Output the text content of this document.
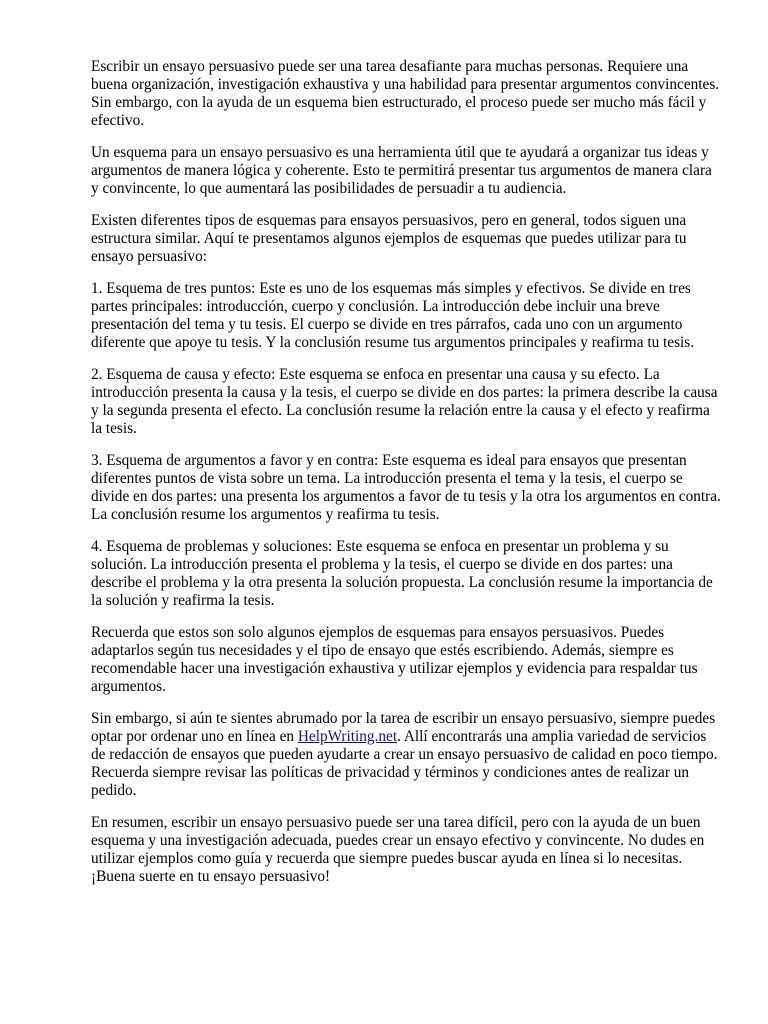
Escribir un ensayo persuasivo puede ser una tarea desafiante para muchas personas. Requiere una buena organización, investigación exhaustiva y una habilidad para presentar argumentos convincentes. Sin embargo, con la ayuda de un esquema bien estructurado, el proceso puede ser mucho más fácil y efectivo.

Un esquema para un ensayo persuasivo es una herramienta útil que te ayudará a organizar tus ideas y argumentos de manera lógica y coherente. Esto te permitirá presentar tus argumentos de manera clara y convincente, lo que aumentará las posibilidades de persuadir a tu audiencia.

Existen diferentes tipos de esquemas para ensayos persuasivos, pero en general, todos siguen una estructura similar. Aquí te presentamos algunos ejemplos de esquemas que puedes utilizar para tu ensayo persuasivo:

1. Esquema de tres puntos: Este es uno de los esquemas más simples y efectivos. Se divide en tres partes principales: introducción, cuerpo y conclusión. La introducción debe incluir una breve presentación del tema y tu tesis. El cuerpo se divide en tres párrafos, cada uno con un argumento diferente que apoye tu tesis. Y la conclusión resume tus argumentos principales y reafirma tu tesis.

2. Esquema de causa y efecto: Este esquema se enfoca en presentar una causa y su efecto. La introducción presenta la causa y la tesis, el cuerpo se divide en dos partes: la primera describe la causa y la segunda presenta el efecto. La conclusión resume la relación entre la causa y el efecto y reafirma la tesis.

3. Esquema de argumentos a favor y en contra: Este esquema es ideal para ensayos que presentan diferentes puntos de vista sobre un tema. La introducción presenta el tema y la tesis, el cuerpo se divide en dos partes: una presenta los argumentos a favor de tu tesis y la otra los argumentos en contra. La conclusión resume los argumentos y reafirma tu tesis.

4. Esquema de problemas y soluciones: Este esquema se enfoca en presentar un problema y su solución. La introducción presenta el problema y la tesis, el cuerpo se divide en dos partes: una describe el problema y la otra presenta la solución propuesta. La conclusión resume la importancia de la solución y reafirma la tesis.

Recuerda que estos son solo algunos ejemplos de esquemas para ensayos persuasivos. Puedes adaptarlos según tus necesidades y el tipo de ensayo que estés escribiendo. Además, siempre es recomendable hacer una investigación exhaustiva y utilizar ejemplos y evidencia para respaldar tus argumentos.

Sin embargo, si aún te sientes abrumado por la tarea de escribir un ensayo persuasivo, siempre puedes optar por ordenar uno en línea en HelpWriting.net. Allí encontrarás una amplia variedad de servicios de redacción de ensayos que pueden ayudarte a crear un ensayo persuasivo de calidad en poco tiempo. Recuerda siempre revisar las políticas de privacidad y términos y condiciones antes de realizar un pedido.

En resumen, escribir un ensayo persuasivo puede ser una tarea difícil, pero con la ayuda de un buen esquema y una investigación adecuada, puedes crear un ensayo efectivo y convincente. No dudes en utilizar ejemplos como guía y recuerda que siempre puedes buscar ayuda en línea si lo necesitas. ¡Buena suerte en tu ensayo persuasivo!
